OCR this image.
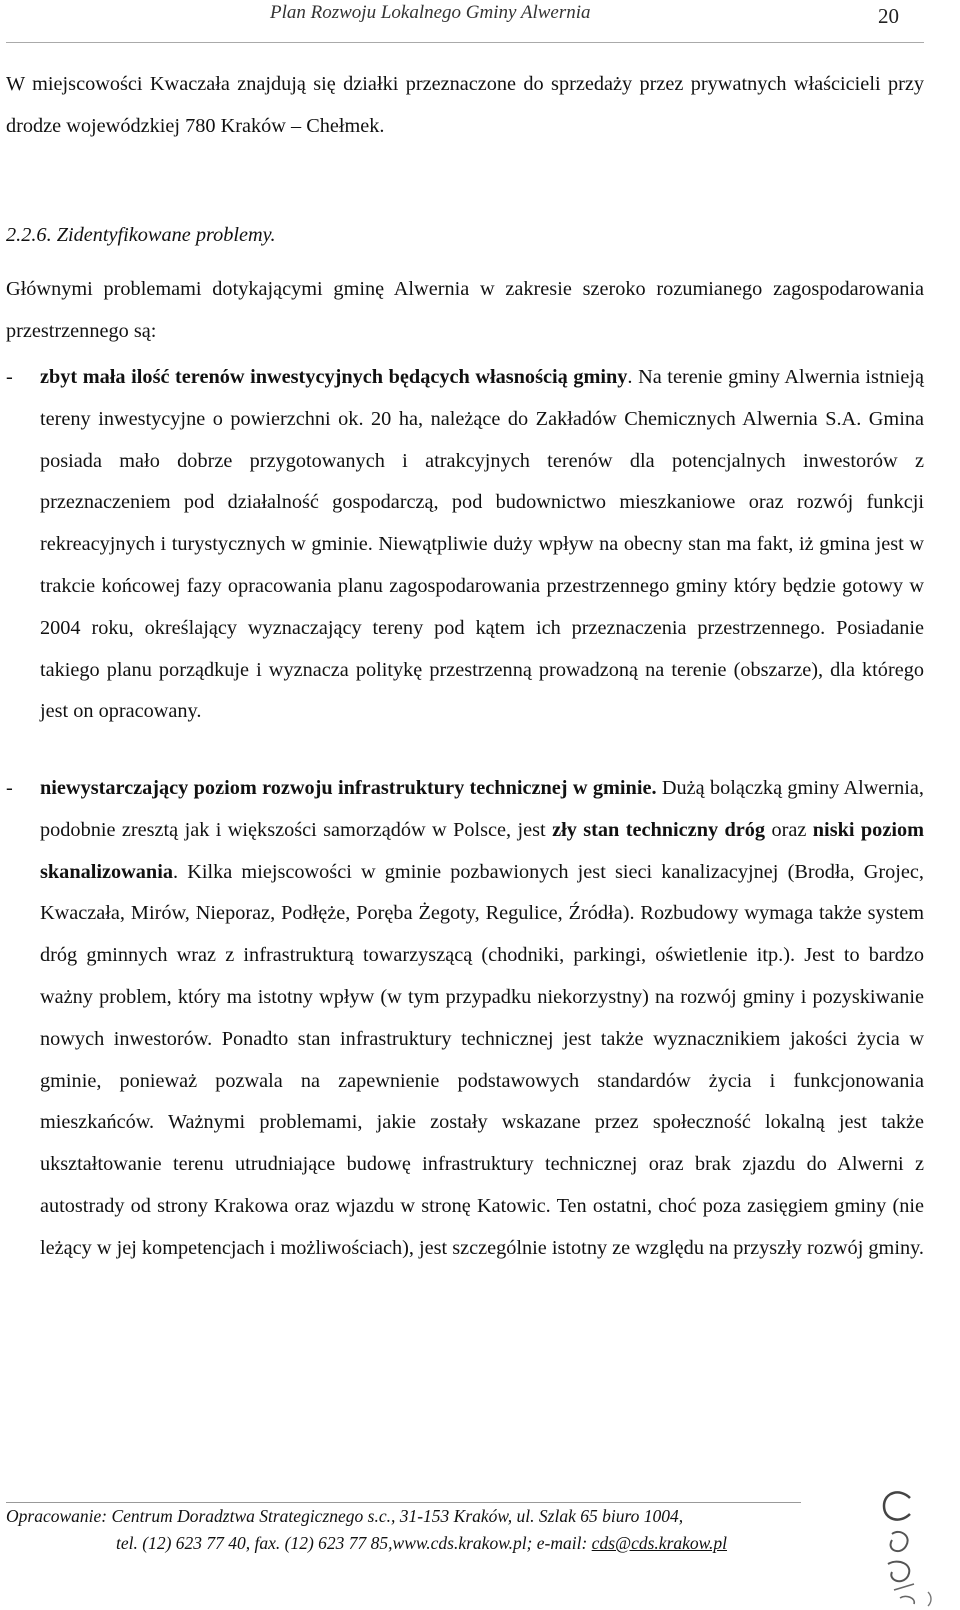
Plan Rozwoju Lokalnego Gminy Alwernia	20

W miejscowości Kwaczała znajdują się działki przeznaczone do sprzedaży przez prywatnych właścicieli przy drodze wojewódzkiej 780 Kraków – Chełmek.

2.2.6. Zidentyfikowane problemy.

Głównymi problemami dotykającymi gminę Alwernia w zakresie szeroko rozumianego zagospodarowania przestrzennego są:

- zbyt mała ilość terenów inwestycyjnych będących własnością gminy. Na terenie gminy Alwernia istnieją tereny inwestycyjne o powierzchni ok. 20 ha, należące do Zakładów Chemicznych Alwernia S.A. Gmina posiada mało dobrze przygotowanych i atrakcyjnych terenów dla potencjalnych inwestorów z przeznaczeniem pod działalność gospodarczą, pod budownictwo mieszkaniowe oraz rozwój funkcji rekreacyjnych i turystycznych w gminie. Niewątpliwie duży wpływ na obecny stan ma fakt, iż gmina jest w trakcie końcowej fazy opracowania planu zagospodarowania przestrzennego gminy który będzie gotowy w 2004 roku, określający wyznaczający tereny pod kątem ich przeznaczenia przestrzennego. Posiadanie takiego planu porządkuje i wyznacza politykę przestrzenną prowadzoną na terenie (obszarze), dla którego jest on opracowany.
- niewystarczający poziom rozwoju infrastruktury technicznej w gminie. Dużą bolączką gminy Alwernia, podobnie zresztą jak i większości samorządów w Polsce, jest zły stan techniczny dróg oraz niski poziom skanalizowania. Kilka miejscowości w gminie pozbawionych jest sieci kanalizacyjnej (Brodła, Grojec, Kwaczała, Mirów, Nieporaz, Podłęże, Poręba Żegoty, Regulice, Źródła). Rozbudowy wymaga także system dróg gminnych wraz z infrastrukturą towarzyszącą (chodniki, parkingi, oświetlenie itp.). Jest to bardzo ważny problem, który ma istotny wpływ (w tym przypadku niekorzystny) na rozwój gminy i pozyskiwanie nowych inwestorów. Ponadto stan infrastruktury technicznej jest także wyznacznikiem jakości życia w gminie, ponieważ pozwala na zapewnienie podstawowych standardów życia i funkcjonowania mieszkańców. Ważnymi problemami, jakie zostały wskazane przez społeczność lokalną jest także ukształtowanie terenu utrudniające budowę infrastruktury technicznej oraz brak zjazdu do Alwerni z autostrady od strony Krakowa oraz wjazdu w stronę Katowic. Ten ostatni, choć poza zasięgiem gminy (nie leżący w jej kompetencjach i możliwościach), jest szczególnie istotny ze względu na przyszły rozwój gminy.
Opracowanie: Centrum Doradztwa Strategicznego s.c., 31-153 Kraków, ul. Szlak 65 biuro 1004,
tel. (12) 623 77 40, fax. (12) 623 77 85,www.cds.krakow.pl; e-mail: cds@cds.krakow.pl
